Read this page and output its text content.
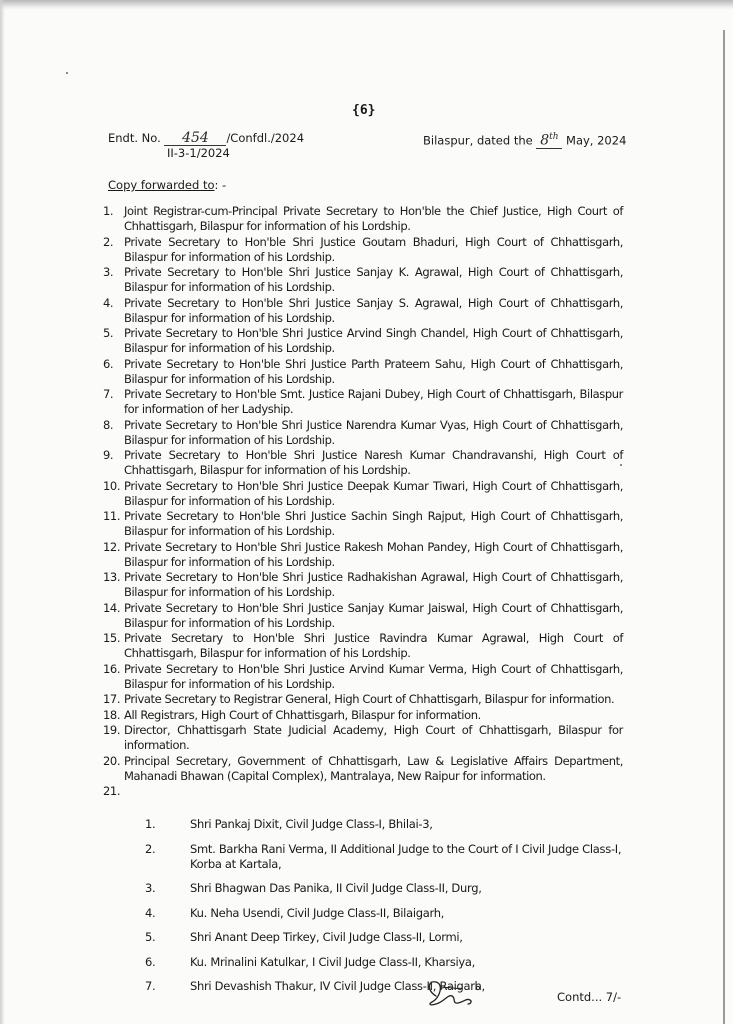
{6}
Endt. No. 454 /Confdl./2024
II-3-1/2024
Bilaspur, dated the 8th May, 2024
Copy forwarded to: -
1. Joint Registrar-cum-Principal Private Secretary to Hon'ble the Chief Justice, High Court of Chhattisgarh, Bilaspur for information of his Lordship.
2. Private Secretary to Hon'ble Shri Justice Goutam Bhaduri, High Court of Chhattisgarh, Bilaspur for information of his Lordship.
3. Private Secretary to Hon'ble Shri Justice Sanjay K. Agrawal, High Court of Chhattisgarh, Bilaspur for information of his Lordship.
4. Private Secretary to Hon'ble Shri Justice Sanjay S. Agrawal, High Court of Chhattisgarh, Bilaspur for information of his Lordship.
5. Private Secretary to Hon'ble Shri Justice Arvind Singh Chandel, High Court of Chhattisgarh, Bilaspur for information of his Lordship.
6. Private Secretary to Hon'ble Shri Justice Parth Prateem Sahu, High Court of Chhattisgarh, Bilaspur for information of his Lordship.
7. Private Secretary to Hon'ble Smt. Justice Rajani Dubey, High Court of Chhattisgarh, Bilaspur for information of her Ladyship.
8. Private Secretary to Hon'ble Shri Justice Narendra Kumar Vyas, High Court of Chhattisgarh, Bilaspur for information of his Lordship.
9. Private Secretary to Hon'ble Shri Justice Naresh Kumar Chandravanshi, High Court of Chhattisgarh, Bilaspur for information of his Lordship.
10. Private Secretary to Hon'ble Shri Justice Deepak Kumar Tiwari, High Court of Chhattisgarh, Bilaspur for information of his Lordship.
11. Private Secretary to Hon'ble Shri Justice Sachin Singh Rajput, High Court of Chhattisgarh, Bilaspur for information of his Lordship.
12. Private Secretary to Hon'ble Shri Justice Rakesh Mohan Pandey, High Court of Chhattisgarh, Bilaspur for information of his Lordship.
13. Private Secretary to Hon'ble Shri Justice Radhakishan Agrawal, High Court of Chhattisgarh, Bilaspur for information of his Lordship.
14. Private Secretary to Hon'ble Shri Justice Sanjay Kumar Jaiswal, High Court of Chhattisgarh, Bilaspur for information of his Lordship.
15. Private Secretary to Hon'ble Shri Justice Ravindra Kumar Agrawal, High Court of Chhattisgarh, Bilaspur for information of his Lordship.
16. Private Secretary to Hon'ble Shri Justice Arvind Kumar Verma, High Court of Chhattisgarh, Bilaspur for information of his Lordship.
17. Private Secretary to Registrar General, High Court of Chhattisgarh, Bilaspur for information.
18. All Registrars, High Court of Chhattisgarh, Bilaspur for information.
19. Director, Chhattisgarh State Judicial Academy, High Court of Chhattisgarh, Bilaspur for information.
20. Principal Secretary, Government of Chhattisgarh, Law & Legislative Affairs Department, Mahanadi Bhawan (Capital Complex), Mantralaya, New Raipur for information.
21.
1.	Shri Pankaj Dixit, Civil Judge Class-I, Bhilai-3,
2.	Smt. Barkha Rani Verma, II Additional Judge to the Court of I Civil Judge Class-I, Korba at Kartala,
3.	Shri Bhagwan Das Panika, II Civil Judge Class-II, Durg,
4.	Ku. Neha Usendi, Civil Judge Class-II, Bilaigarh,
5.	Shri Anant Deep Tirkey, Civil Judge Class-II, Lormi,
6.	Ku. Mrinalini Katulkar, I Civil Judge Class-II, Kharsiya,
7.	Shri Devashish Thakur, IV Civil Judge Class-II, Raigarh,
Contd... 7/-
